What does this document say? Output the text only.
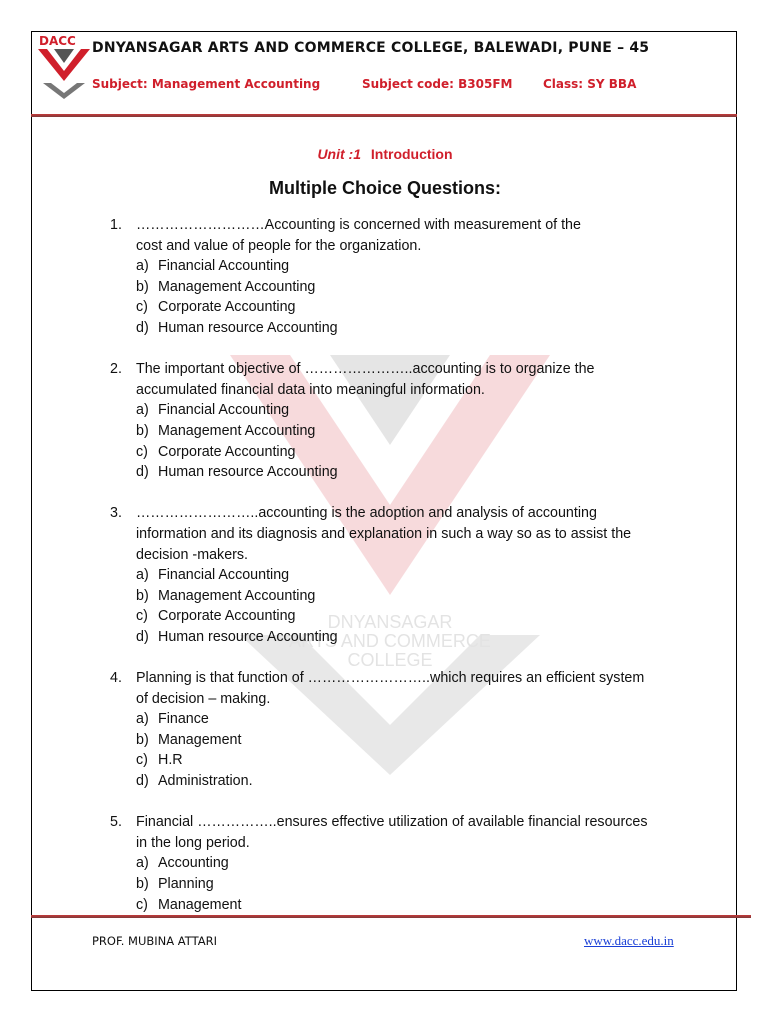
DACC DNYANSAGAR ARTS AND COMMERCE COLLEGE, BALEWADI, PUNE – 45
Subject: Management Accounting	Subject code: B305FM	Class: SY BBA
DNYANSAGAR
ARTS AND COMMERCE
COLLEGE
Unit :1 Introduction
Multiple Choice Questions:
1. ………………………Accounting is concerned with measurement of the
cost and value of people for the organization.
a) Financial Accounting
b) Management Accounting
c) Corporate Accounting
d) Human resource Accounting
2. The important objective of …………………..accounting is to organize the
accumulated financial data into meaningful information.
a) Financial Accounting
b) Management Accounting
c) Corporate Accounting
d) Human resource Accounting
3. ……………………..accounting is the adoption and analysis of accounting
information and its diagnosis and explanation in such a way so as to assist the
decision -makers.
a) Financial Accounting
b) Management Accounting
c) Corporate Accounting
d) Human resource Accounting
4. Planning is that function of ……………………..which requires an efficient system
of decision – making.
a) Finance
b) Management
c) H.R
d) Administration.
5. Financial ……………..ensures effective utilization of available financial resources
in the long period.
a) Accounting
b) Planning
c) Management
PROF. MUBINA ATTARI	www.dacc.edu.in
